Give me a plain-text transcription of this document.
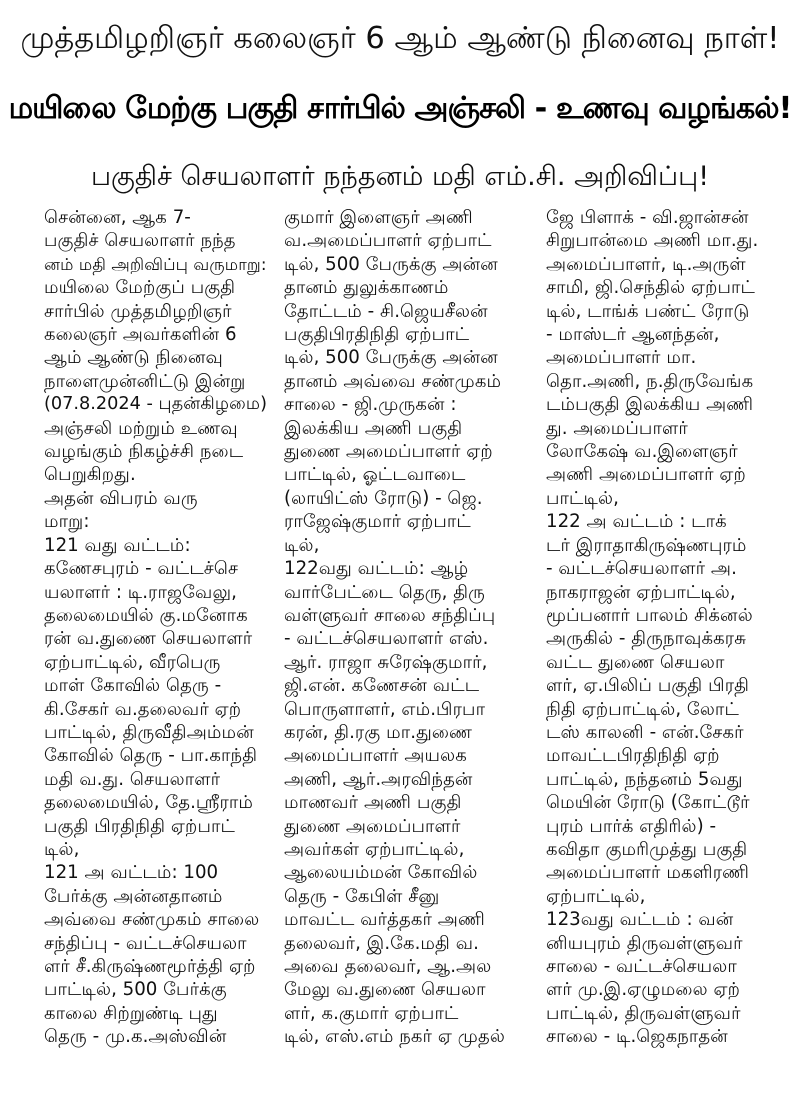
முத்தமிழறிஞர் கலைஞர் 6 ஆம் ஆண்டு நினைவு நாள்!
மயிலை மேற்கு பகுதி சார்பில் அஞ்சலி - உணவு வழங்கல்!
பகுதிச் செயலாளர் நந்தனம் மதி எம்.சி. அறிவிப்பு!
சென்னை, ஆக 7-
பகுதிச் செயலாளர் நந்த
னம் மதி அறிவிப்பு வருமாறு:
மயிலை மேற்குப் பகுதி
சார்பில் முத்தமிழறிஞர்
கலைஞர் அவர்களின் 6
ஆம் ஆண்டு நினைவு
நாளைமுன்னிட்டு இன்று
(07.8.2024 - புதன்கிழமை)
அஞ்சலி மற்றும் உணவு
வழங்கும் நிகழ்ச்சி நடை
பெறுகிறது.
அதன் விபரம் வரு
மாறு:
121 வது வட்டம்:
கணேசபுரம் - வட்டச்செ
யலாளர் : டி.ராஜவேலு,
தலைமையில் கு.மனோக
ரன் வ.துணை செயலாளர்
ஏற்பாட்டில், வீரபெரு
மாள் கோவில் தெரு -
கி.சேகர் வ.தலைவர் ஏற்
பாட்டில், திருவீதிஅம்மன்
கோவில் தெரு - பா.காந்தி
மதி வ.து. செயலாளர்
தலைமையில், தே.ஸ்ரீராம்
பகுதி பிரதிநிதி ஏற்பாட்
டில்,
121 அ வட்டம்: 100
பேர்க்கு அன்னதானம்
அவ்வை சண்முகம் சாலை
சந்திப்பு - வட்டச்செயலா
ளர் சீ.கிருஷ்ணமூர்த்தி ஏற்
பாட்டில், 500 பேர்க்கு
காலை சிற்றுண்டி புது
தெரு - மு.க.அஸ்வின்
குமார் இளைஞர் அணி
வ.அமைப்பாளர் ஏற்பாட்
டில், 500 பேருக்கு அன்ன
தானம் துலுக்காணம்
தோட்டம் - சி.ஜெயசீலன்
பகுதிபிரதிநிதி ஏற்பாட்
டில், 500 பேருக்கு அன்ன
தானம் அவ்வை சண்முகம்
சாலை - ஜி.முருகன் :
இலக்கிய அணி பகுதி
துணை அமைப்பாளர் ஏற்
பாட்டில், ஓட்டவாடை
(லாயிட்ஸ் ரோடு) - ஜெ.
ராஜேஷ்குமார் ஏற்பாட்
டில்,
122வது வட்டம்: ஆழ்
வார்பேட்டை தெரு, திரு
வள்ளுவர் சாலை சந்திப்பு
- வட்டச்செயலாளர் எஸ்.
ஆர். ராஜா சுரேஷ்குமார்,
ஜி.என். கணேசன் வட்ட
பொருளாளர், எம்.பிரபா
கரன், தி.ரகு மா.துணை
அமைப்பாளர் அயலக
அணி, ஆர்.அரவிந்தன்
மாணவர் அணி பகுதி
துணை அமைப்பாளர்
அவர்கள் ஏற்பாட்டில்,
ஆலையம்மன் கோவில்
தெரு - கேபிள் சீனு
மாவட்ட வர்த்தகர் அணி
தலைவர், இ.கே.மதி வ.
அவை தலைவர், ஆ.அல
மேலு வ.துணை செயலா
ளர், க.குமார் ஏற்பாட்
டில், எஸ்.எம் நகர் ஏ முதல்
ஜே பிளாக் - வி.ஜான்சன்
சிறுபான்மை அணி மா.து.
அமைப்பாளர், டி.அருள்
சாமி, ஜி.செந்தில் ஏற்பாட்
டில், டாங்க் பண்ட் ரோடு
- மாஸ்டர் ஆனந்தன்,
அமைப்பாளர் மா.
தொ.அணி, ந.திருவேங்க
டம்பகுதி இலக்கிய அணி
து. அமைப்பாளர்
லோகேஷ் வ.இளைஞர்
அணி அமைப்பாளர் ஏற்
பாட்டில்,
122 அ வட்டம் : டாக்
டர் இராதாகிருஷ்ணபுரம்
- வட்டச்செயலாளர் அ.
நாகராஜன் ஏற்பாட்டில்,
மூப்பனார் பாலம் சிக்னல்
அருகில் - திருநாவுக்கரசு
வட்ட துணை செயலா
ளர், ஏ.பிலிப் பகுதி பிரதி
நிதி ஏற்பாட்டில், லோட்
டஸ் காலனி - என்.சேகர்
மாவட்டபிரதிநிதி ஏற்
பாட்டில், நந்தனம் 5வது
மெயின் ரோடு (கோட்டூர்
புரம் பார்க் எதிரில்) -
கவிதா குமரிமுத்து பகுதி
அமைப்பாளர் மகளிரணி
ஏற்பாட்டில்,
123வது வட்டம் : வன்
னியபுரம் திருவள்ளுவர்
சாலை - வட்டச்செயலா
ளர் மு.இ.ஏழுமலை ஏற்
பாட்டில், திருவள்ளுவர்
சாலை - டி.ஜெகநாதன்
